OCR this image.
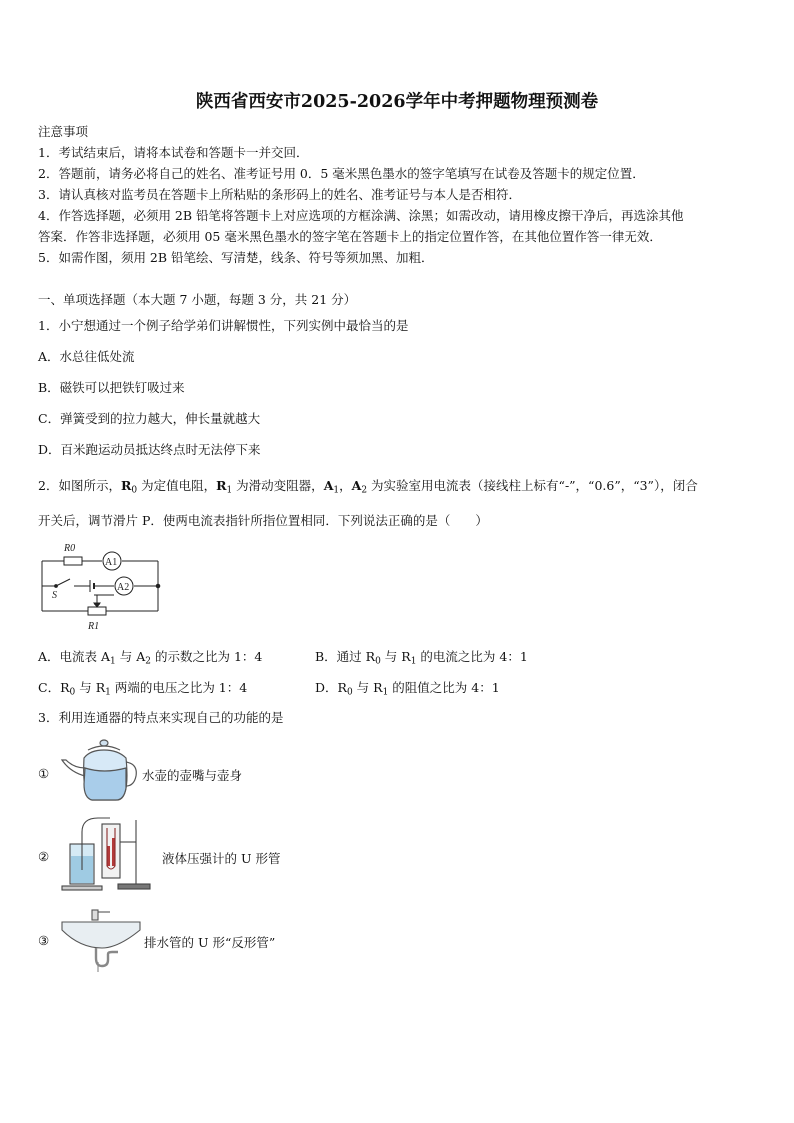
陕西省西安市2025-2026学年中考押题物理预测卷
注意事项
1．考试结束后，请将本试卷和答题卡一并交回．
2．答题前，请务必将自己的姓名、准考证号用 0．5 毫米黑色墨水的签字笔填写在试卷及答题卡的规定位置．
3．请认真核对监考员在答题卡上所粘贴的条形码上的姓名、准考证号与本人是否相符．
4．作答选择题，必须用 2B 铅笔将答题卡上对应选项的方框涂满、涂黑；如需改动，请用橡皮擦干净后，再选涂其他
答案．作答非选择题，必须用 05 毫米黑色墨水的签字笔在答题卡上的指定位置作答，在其他位置作答一律无效．
5．如需作图，须用 2B 铅笔绘、写清楚，线条、符号等须加黑、加粗．
一、单项选择题（本大题 7 小题，每题 3 分，共 21 分）
1．小宁想通过一个例子给学弟们讲解惯性，下列实例中最恰当的是
A．水总往低处流
B．磁铁可以把铁钉吸过来
C．弹簧受到的拉力越大，伸长量就越大
D．百米跑运动员抵达终点时无法停下来
2．如图所示，$R_0$ 为定值电阻，$R_1$ 为滑动变阻器，$A_1$，$A_2$ 为实验室用电流表（接线柱上标有“-”，“0.6”，“3”），闭合
开关后，调节滑片 P．使两电流表指针所指位置相同．下列说法正确的是（　　）
R0
A1
A2
S
R1
A．电流表 $A_1$ 与 $A_2$ 的示数之比为 1：4	B．通过 $R_0$ 与 $R_1$ 的电流之比为 4：1
C．$R_0$ 与 $R_1$ 两端的电压之比为 1：4	D．$R_0$ 与 $R_1$ 的阻值之比为 4：1
3．利用连通器的特点来实现自己的功能的是
①	水壶的壶嘴与壶身
②	液体压强计的 U 形管
③	排水管的 U 形“反形管”
